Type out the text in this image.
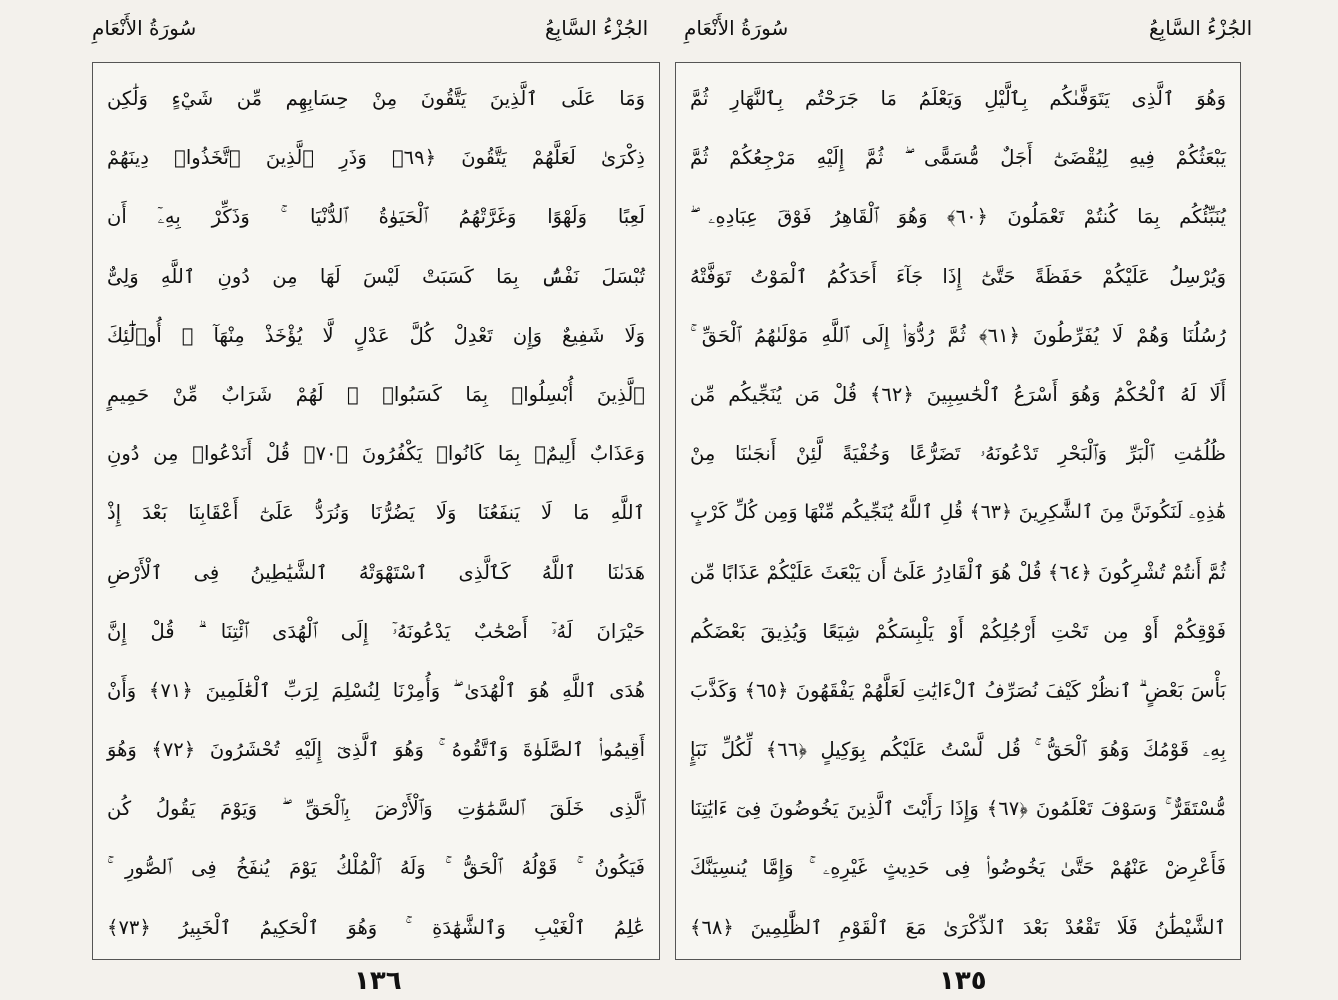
سُورَةُ الأَنْعَامِ	الجُزْءُ السَّابِعُ
وَمَا عَلَى ٱلَّذِينَ يَتَّقُونَ مِنْ حِسَابِهِم مِّن شَيْءٍ وَلَٰكِن
ذِكْرَىٰ لَعَلَّهُمْ يَتَّقُونَ ﴿٦٩﴾ وَذَرِ ٱلَّذِينَ ٱتَّخَذُوا۟ دِينَهُمْ
لَعِبًا وَلَهْوًا وَغَرَّتْهُمُ ٱلْحَيَوٰةُ ٱلدُّنْيَا ۚ وَذَكِّرْ بِهِۦٓ أَن
تُبْسَلَ نَفْسٌۢ بِمَا كَسَبَتْ لَيْسَ لَهَا مِن دُونِ ٱللَّهِ وَلِىٌّ
وَلَا شَفِيعٌ وَإِن تَعْدِلْ كُلَّ عَدْلٍ لَّا يُؤْخَذْ مِنْهَآ ۗ أُو۟لَٰٓئِكَ
ٱلَّذِينَ أُبْسِلُوا۟ بِمَا كَسَبُوا۟ ۖ لَهُمْ شَرَابٌ مِّنْ حَمِيمٍ
وَعَذَابٌ أَلِيمٌۢ بِمَا كَانُوا۟ يَكْفُرُونَ ﴿٧٠﴾ قُلْ أَنَدْعُوا۟ مِن دُونِ
ٱللَّهِ مَا لَا يَنفَعُنَا وَلَا يَضُرُّنَا وَنُرَدُّ عَلَىٰٓ أَعْقَابِنَا بَعْدَ إِذْ
هَدَىٰنَا ٱللَّهُ كَٱلَّذِى ٱسْتَهْوَتْهُ ٱلشَّيَٰطِينُ فِى ٱلْأَرْضِ
حَيْرَانَ لَهُۥٓ أَصْحَٰبٌ يَدْعُونَهُۥٓ إِلَى ٱلْهُدَى ٱئْتِنَا ۗ قُلْ إِنَّ
هُدَى ٱللَّهِ هُوَ ٱلْهُدَىٰ ۖ وَأُمِرْنَا لِنُسْلِمَ لِرَبِّ ٱلْعَٰلَمِينَ ﴿٧١﴾ وَأَنْ
أَقِيمُوا۟ ٱلصَّلَوٰةَ وَٱتَّقُوهُ ۚ وَهُوَ ٱلَّذِىٓ إِلَيْهِ تُحْشَرُونَ ﴿٧٢﴾ وَهُوَ
ٱلَّذِى خَلَقَ ٱلسَّمَٰوَٰتِ وَٱلْأَرْضَ بِٱلْحَقِّ ۖ وَيَوْمَ يَقُولُ كُن
فَيَكُونُ ۚ قَوْلُهُ ٱلْحَقُّ ۚ وَلَهُ ٱلْمُلْكُ يَوْمَ يُنفَخُ فِى ٱلصُّورِ ۚ
عَٰلِمُ ٱلْغَيْبِ وَٱلشَّهَٰدَةِ ۚ وَهُوَ ٱلْحَكِيمُ ٱلْخَبِيرُ ﴿٧٣﴾
١٣٦
سُورَةُ الأَنْعَامِ	الجُزْءُ السَّابِعُ
وَهُوَ ٱلَّذِى يَتَوَفَّىٰكُم بِٱلَّيْلِ وَيَعْلَمُ مَا جَرَحْتُم بِٱلنَّهَارِ ثُمَّ
يَبْعَثُكُمْ فِيهِ لِيُقْضَىٰٓ أَجَلٌ مُّسَمًّى ۖ ثُمَّ إِلَيْهِ مَرْجِعُكُمْ ثُمَّ
يُنَبِّئُكُم بِمَا كُنتُمْ تَعْمَلُونَ ﴿٦٠﴾ وَهُوَ ٱلْقَاهِرُ فَوْقَ عِبَادِهِۦ ۖ
وَيُرْسِلُ عَلَيْكُمْ حَفَظَةً حَتَّىٰٓ إِذَا جَآءَ أَحَدَكُمُ ٱلْمَوْتُ تَوَفَّتْهُ
رُسُلُنَا وَهُمْ لَا يُفَرِّطُونَ ﴿٦١﴾ ثُمَّ رُدُّوٓا۟ إِلَى ٱللَّهِ مَوْلَىٰهُمُ ٱلْحَقِّ ۚ
أَلَا لَهُ ٱلْحُكْمُ وَهُوَ أَسْرَعُ ٱلْحَٰسِبِينَ ﴿٦٢﴾ قُلْ مَن يُنَجِّيكُم مِّن
ظُلُمَٰتِ ٱلْبَرِّ وَٱلْبَحْرِ تَدْعُونَهُۥ تَضَرُّعًا وَخُفْيَةً لَّئِنْ أَنجَىٰنَا مِنْ
هَٰذِهِۦ لَنَكُونَنَّ مِنَ ٱلشَّٰكِرِينَ ﴿٦٣﴾ قُلِ ٱللَّهُ يُنَجِّيكُم مِّنْهَا وَمِن كُلِّ كَرْبٍ
ثُمَّ أَنتُمْ تُشْرِكُونَ ﴿٦٤﴾ قُلْ هُوَ ٱلْقَادِرُ عَلَىٰٓ أَن يَبْعَثَ عَلَيْكُمْ عَذَابًا مِّن
فَوْقِكُمْ أَوْ مِن تَحْتِ أَرْجُلِكُمْ أَوْ يَلْبِسَكُمْ شِيَعًا وَيُذِيقَ بَعْضَكُم
بَأْسَ بَعْضٍ ۗ ٱنظُرْ كَيْفَ نُصَرِّفُ ٱلْءَايَٰتِ لَعَلَّهُمْ يَفْقَهُونَ ﴿٦٥﴾ وَكَذَّبَ
بِهِۦ قَوْمُكَ وَهُوَ ٱلْحَقُّ ۚ قُل لَّسْتُ عَلَيْكُم بِوَكِيلٍ ﴿٦٦﴾ لِّكُلِّ نَبَإٍ
مُّسْتَقَرٌّ ۚ وَسَوْفَ تَعْلَمُونَ ﴿٦٧﴾ وَإِذَا رَأَيْتَ ٱلَّذِينَ يَخُوضُونَ فِىٓ ءَايَٰتِنَا
فَأَعْرِضْ عَنْهُمْ حَتَّىٰ يَخُوضُوا۟ فِى حَدِيثٍ غَيْرِهِۦ ۚ وَإِمَّا يُنسِيَنَّكَ
ٱلشَّيْطَٰنُ فَلَا تَقْعُدْ بَعْدَ ٱلذِّكْرَىٰ مَعَ ٱلْقَوْمِ ٱلظَّٰلِمِينَ ﴿٦٨﴾
١٣٥
